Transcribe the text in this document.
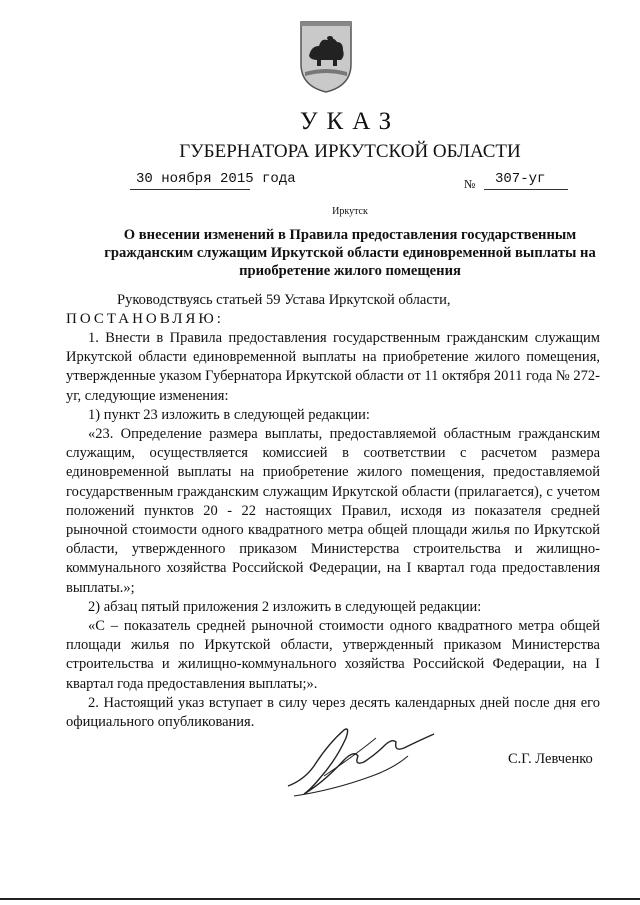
УКАЗ
ГУБЕРНАТОРА ИРКУТСКОЙ ОБЛАСТИ
30 ноября 2015 года	№ 307-уг
Иркутск
О внесении изменений в Правила предоставления государственным гражданским служащим Иркутской области единовременной выплаты на приобретение жилого помещения
Руководствуясь статьей 59 Устава Иркутской области,
ПОСТАНОВЛЯЮ:

1. Внести в Правила предоставления государственным гражданским служащим Иркутской области единовременной выплаты на приобретение жилого помещения, утвержденные указом Губернатора Иркутской области от 11 октября 2011 года № 272-уг, следующие изменения:

1) пункт 23 изложить в следующей редакции:

«23. Определение размера выплаты, предоставляемой областным гражданским служащим, осуществляется комиссией в соответствии с расчетом размера единовременной выплаты на приобретение жилого помещения, предоставляемой государственным гражданским служащим Иркутской области (прилагается), с учетом положений пунктов 20 - 22 настоящих Правил, исходя из показателя средней рыночной стоимости одного квадратного метра общей площади жилья по Иркутской области, утвержденного приказом Министерства строительства и жилищно-коммунального хозяйства Российской Федерации, на I квартал года предоставления выплаты.»;

2) абзац пятый приложения 2 изложить в следующей редакции:

«С – показатель средней рыночной стоимости одного квадратного метра общей площади жилья по Иркутской области, утвержденный приказом Министерства строительства и жилищно-коммунального хозяйства Российской Федерации, на I квартал года предоставления выплаты;».

2. Настоящий указ вступает в силу через десять календарных дней после дня его официального опубликования.

С.Г. Левченко
